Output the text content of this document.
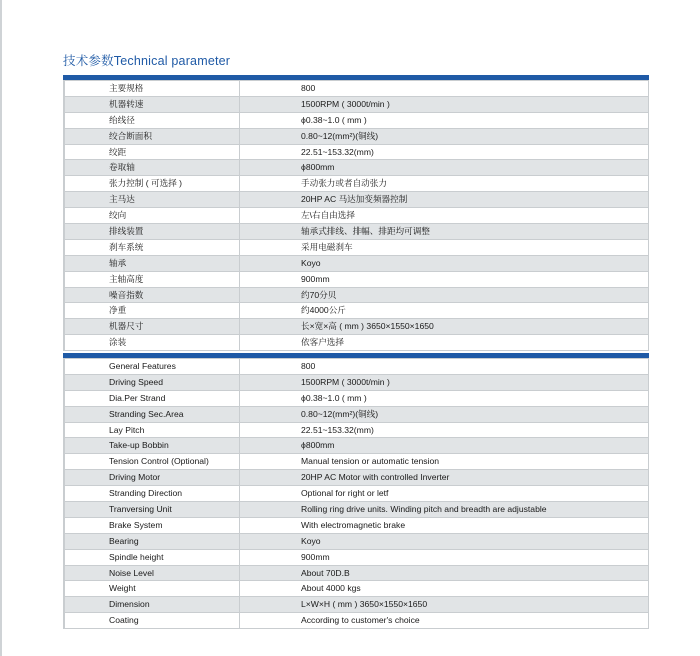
技术参数Technical parameter
主要规格	800
机器转速	1500RPM ( 3000t/min )
绐线径	ϕ0.38~1.0 ( mm )
绞合断面积	0.80~12(mm²)(铜线)
绞距	22.51~153.32(mm)
卷取轴	ϕ800mm
张力控制 ( 可选择 )	手动张力或者自动张力
主马达	20HP AC 马达加变频器控制
绞向	左\右自由选择
排线装置	轴承式排线、排幅、排距均可调整
刹车系统	采用电磁刹车
轴承	Koyo
主轴高度	900mm
噪音指数	约70分贝
净重	约4000公斤
机器尺寸	长×宽×高 ( mm ) 3650×1550×1650
涂装	依客户选择
General Features	800
Driving Speed	1500RPM ( 3000t/min )
Dia.Per Strand	ϕ0.38~1.0 ( mm )
Stranding Sec.Area	0.80~12(mm²)(铜线)
Lay Pitch	22.51~153.32(mm)
Take-up Bobbin	ϕ800mm
Tension Control (Optional)	Manual tension or automatic tension
Driving Motor	20HP AC Motor with controlled Inverter
Stranding Direction	Optional for right or letf
Tranversing Unit	Rolling ring drive units. Winding pitch and breadth are adjustable
Brake System	With electromagnetic brake
Bearing	Koyo
Spindle height	900mm
Noise Level	About 70D.B
Weight	About 4000 kgs
Dimension	L×W×H ( mm ) 3650×1550×1650
Coating	According to customer's choice
